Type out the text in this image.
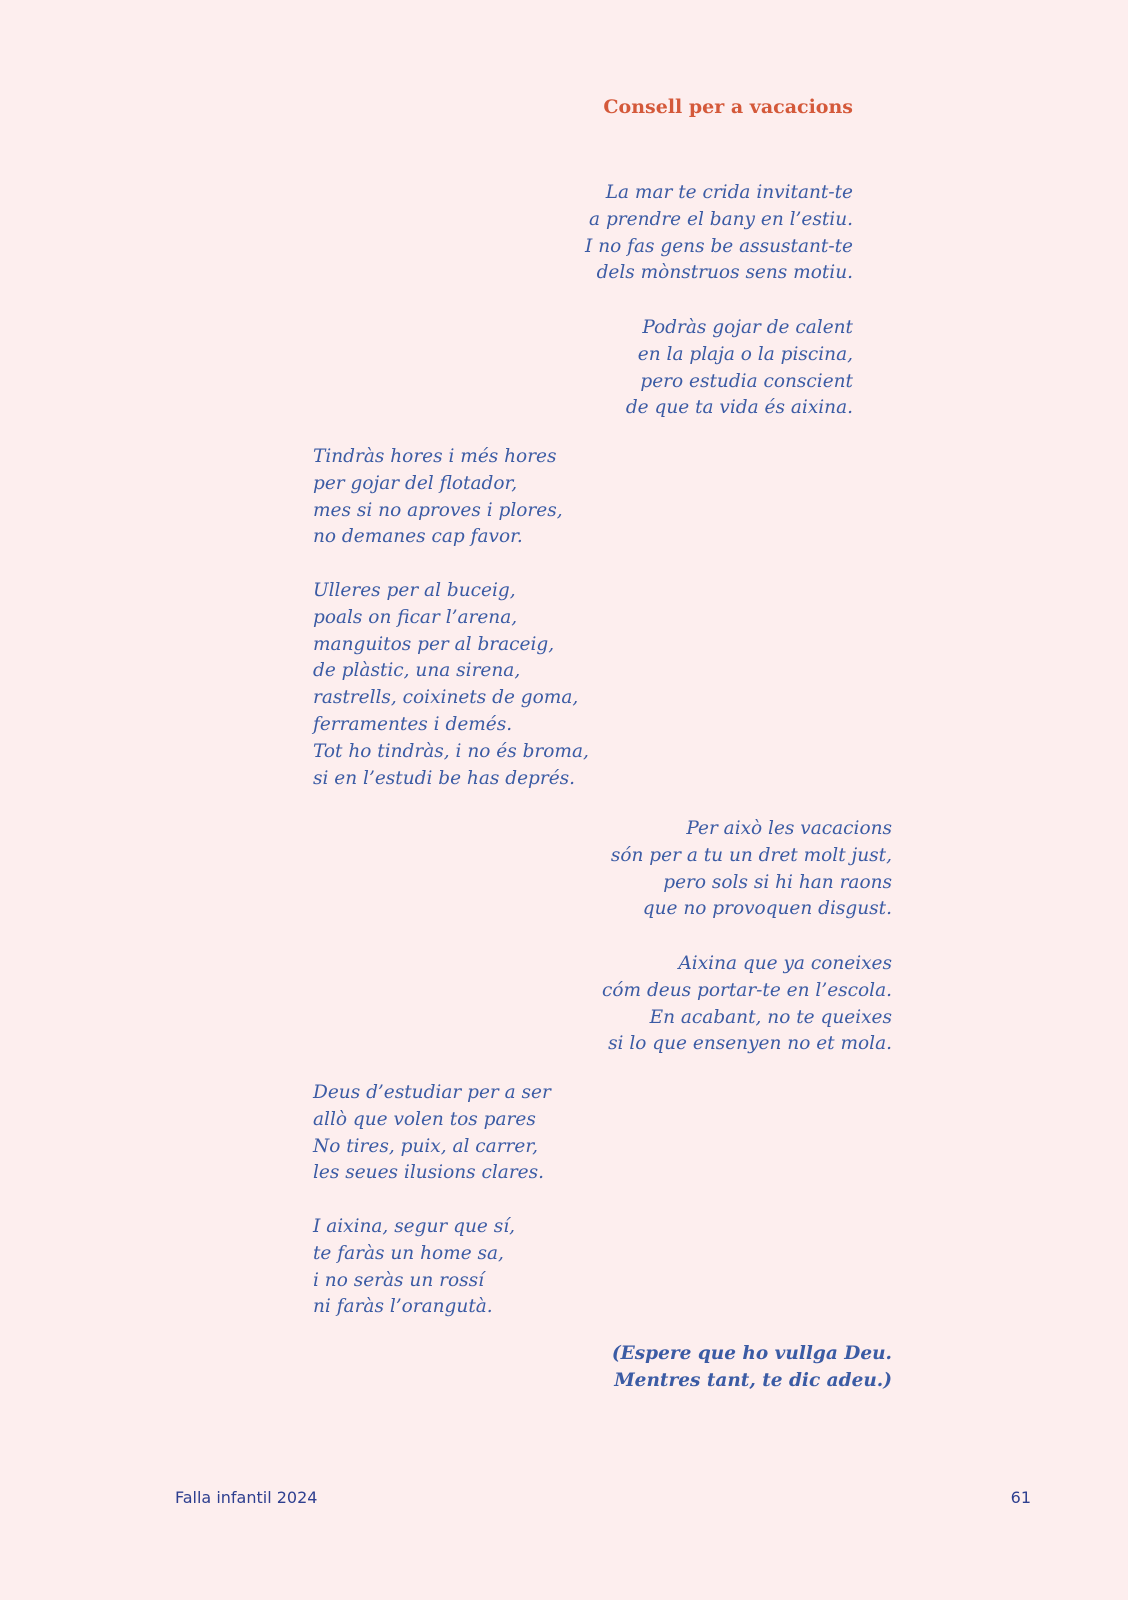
Consell per a vacacions
La mar te crida invitant-te
a prendre el bany en l’estiu.
I no fas gens be assustant-te
dels mònstruos sens motiu.
Podràs gojar de calent
en la plaja o la piscina,
pero estudia conscient
de que ta vida és aixina.
Tindràs hores i més hores
per gojar del flotador,
mes si no aproves i plores,
no demanes cap favor.
Ulleres per al buceig,
poals on ficar l’arena,
manguitos per al braceig,
de plàstic, una sirena,
rastrells, coixinets de goma,
ferramentes i demés.
Tot ho tindràs, i no és broma,
si en l’estudi be has deprés.
Per això les vacacions
són per a tu un dret molt just,
pero sols si hi han raons
que no provoquen disgust.
Aixina que ya coneixes
cóm deus portar-te en l’escola.
En acabant, no te queixes
si lo que ensenyen no et mola.
Deus d’estudiar per a ser
allò que volen tos pares
No tires, puix, al carrer,
les seues ilusions clares.
I aixina, segur que sí,
te faràs un home sa,
i no seràs un rossí
ni faràs l’orangutà.
(Espere que ho vullga Deu.
Mentres tant, te dic adeu.)
Falla infantil 2024	61
